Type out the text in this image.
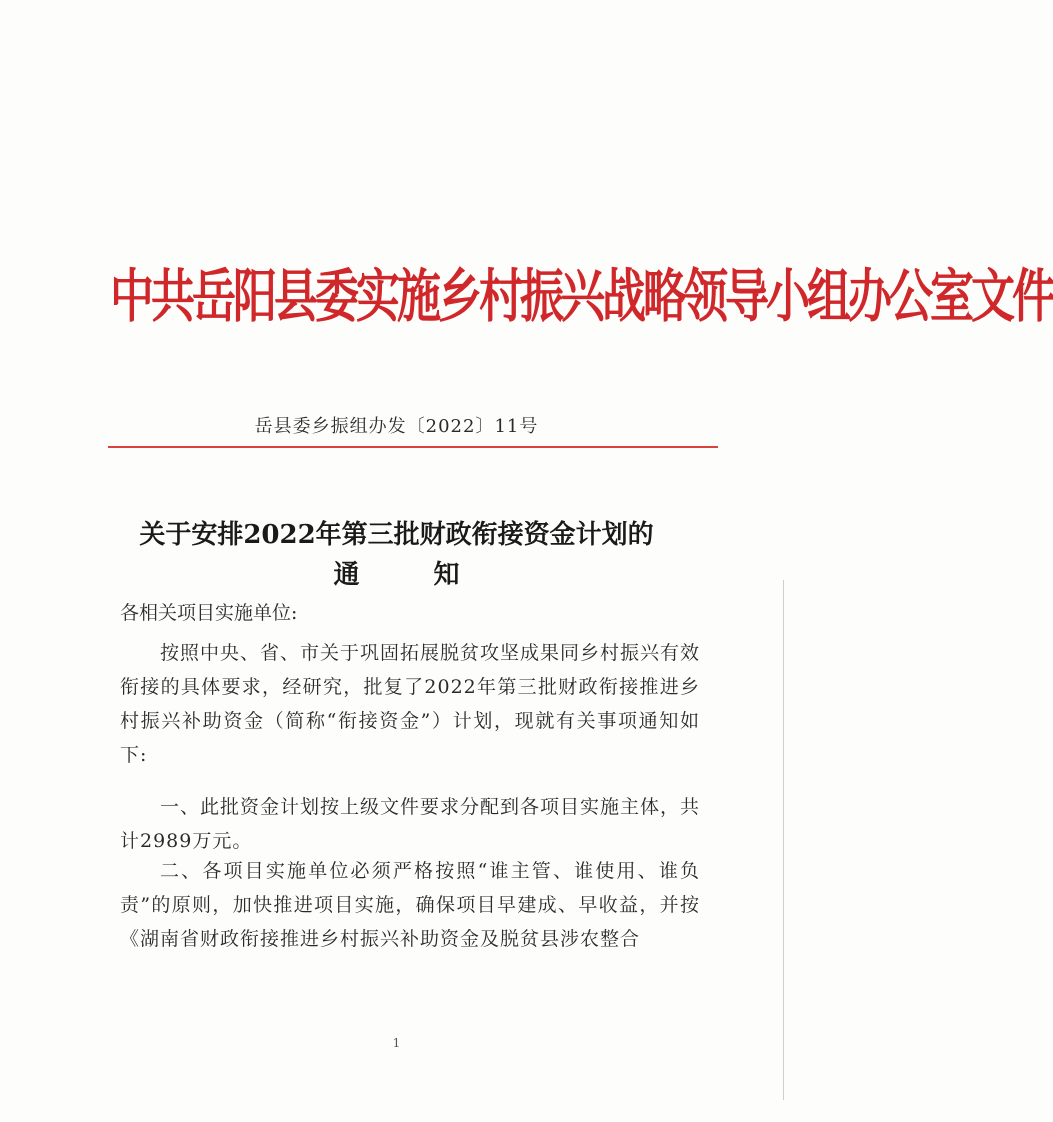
中共岳阳县委实施乡村振兴战略领导小组办公室文件
岳县委乡振组办发〔2022〕11号
关于安排2022年第三批财政衔接资金计划的
通知
各相关项目实施单位:
按照中央、省、市关于巩固拓展脱贫攻坚成果同乡村振兴有效衔接的具体要求，经研究，批复了2022年第三批财政衔接推进乡村振兴补助资金（简称“衔接资金”）计划，现就有关事项通知如下:
一、此批资金计划按上级文件要求分配到各项目实施主体，共计2989万元。
二、各项目实施单位必须严格按照“谁主管、谁使用、谁负责”的原则，加快推进项目实施，确保项目早建成、早收益，并按《湖南省财政衔接推进乡村振兴补助资金及脱贫县涉农整合
1
